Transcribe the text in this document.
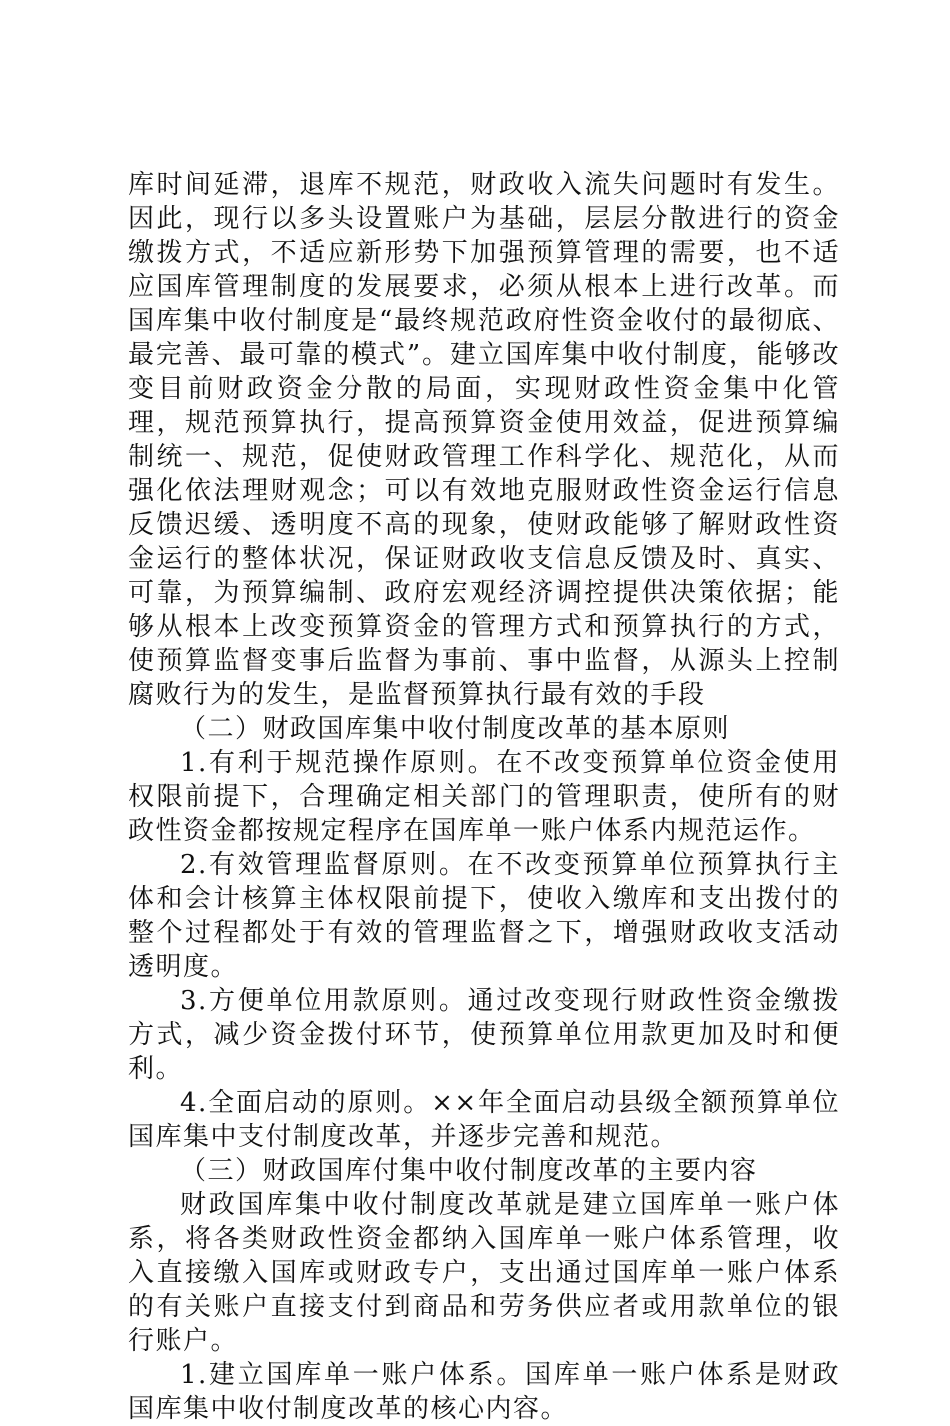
库时间延滞，退库不规范，财政收入流失问题时有发生。因此，现行以多头设置账户为基础，层层分散进行的资金缴拨方式，不适应新形势下加强预算管理的需要，也不适应国库管理制度的发展要求，必须从根本上进行改革。而国库集中收付制度是“最终规范政府性资金收付的最彻底、最完善、最可靠的模式”。建立国库集中收付制度，能够改变目前财政资金分散的局面，实现财政性资金集中化管理，规范预算执行，提高预算资金使用效益，促进预算编制统一、规范，促使财政管理工作科学化、规范化，从而强化依法理财观念；可以有效地克服财政性资金运行信息反馈迟缓、透明度不高的现象，使财政能够了解财政性资金运行的整体状况，保证财政收支信息反馈及时、真实、可靠，为预算编制、政府宏观经济调控提供决策依据；能够从根本上改变预算资金的管理方式和预算执行的方式，使预算监督变事后监督为事前、事中监督，从源头上控制腐败行为的发生，是监督预算执行最有效的手段

（二）财政国库集中收付制度改革的基本原则

1.有利于规范操作原则。在不改变预算单位资金使用权限前提下，合理确定相关部门的管理职责，使所有的财政性资金都按规定程序在国库单一账户体系内规范运作。

2.有效管理监督原则。在不改变预算单位预算执行主体和会计核算主体权限前提下，使收入缴库和支出拨付的整个过程都处于有效的管理监督之下，增强财政收支活动透明度。

3.方便单位用款原则。通过改变现行财政性资金缴拨方式，减少资金拨付环节，使预算单位用款更加及时和便利。

4.全面启动的原则。××年全面启动县级全额预算单位国库集中支付制度改革，并逐步完善和规范。

（三）财政国库付集中收付制度改革的主要内容

财政国库集中收付制度改革就是建立国库单一账户体系，将各类财政性资金都纳入国库单一账户体系管理，收入直接缴入国库或财政专户，支出通过国库单一账户体系的有关账户直接支付到商品和劳务供应者或用款单位的银行账户。

1.建立国库单一账户体系。国库单一账户体系是财政国库集中收付制度改革的核心内容。
